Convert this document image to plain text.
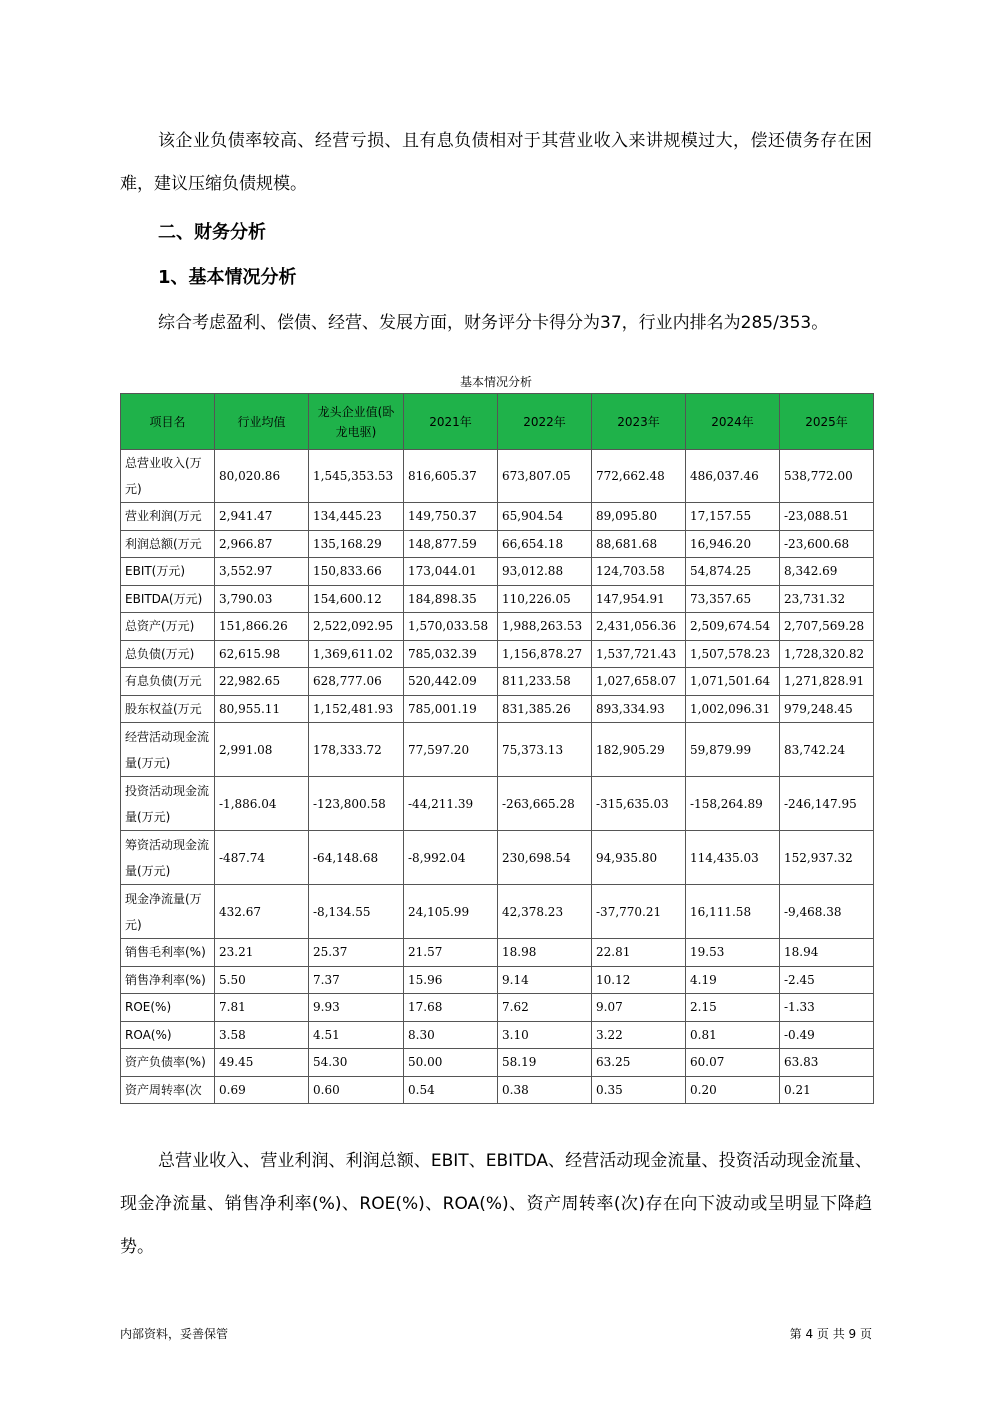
该企业负债率较高、经营亏损、且有息负债相对于其营业收入来讲规模过大，偿还债务存在困难，建议压缩负债规模。

二、财务分析
1、基本情况分析

综合考虑盈利、偿债、经营、发展方面，财务评分卡得分为37，行业内排名为285/353。

基本情况分析
项目名	行业均值	龙头企业值(卧龙电驱)	2021年	2022年	2023年	2024年	2025年
总营业收入(万元)	80,020.86	1,545,353.53	816,605.37	673,807.05	772,662.48	486,037.46	538,772.00
营业利润(万元	2,941.47	134,445.23	149,750.37	65,904.54	89,095.80	17,157.55	-23,088.51
利润总额(万元	2,966.87	135,168.29	148,877.59	66,654.18	88,681.68	16,946.20	-23,600.68
EBIT(万元)	3,552.97	150,833.66	173,044.01	93,012.88	124,703.58	54,874.25	8,342.69
EBITDA(万元)	3,790.03	154,600.12	184,898.35	110,226.05	147,954.91	73,357.65	23,731.32
总资产(万元)	151,866.26	2,522,092.95	1,570,033.58	1,988,263.53	2,431,056.36	2,509,674.54	2,707,569.28
总负债(万元)	62,615.98	1,369,611.02	785,032.39	1,156,878.27	1,537,721.43	1,507,578.23	1,728,320.82
有息负债(万元	22,982.65	628,777.06	520,442.09	811,233.58	1,027,658.07	1,071,501.64	1,271,828.91
股东权益(万元	80,955.11	1,152,481.93	785,001.19	831,385.26	893,334.93	1,002,096.31	979,248.45
经营活动现金流量(万元)	2,991.08	178,333.72	77,597.20	75,373.13	182,905.29	59,879.99	83,742.24
投资活动现金流量(万元)	-1,886.04	-123,800.58	-44,211.39	-263,665.28	-315,635.03	-158,264.89	-246,147.95
筹资活动现金流量(万元)	-487.74	-64,148.68	-8,992.04	230,698.54	94,935.80	114,435.03	152,937.32
现金净流量(万元)	432.67	-8,134.55	24,105.99	42,378.23	-37,770.21	16,111.58	-9,468.38
销售毛利率(%)	23.21	25.37	21.57	18.98	22.81	19.53	18.94
销售净利率(%)	5.50	7.37	15.96	9.14	10.12	4.19	-2.45
ROE(%)	7.81	9.93	17.68	7.62	9.07	2.15	-1.33
ROA(%)	3.58	4.51	8.30	3.10	3.22	0.81	-0.49
资产负债率(%)	49.45	54.30	50.00	58.19	63.25	60.07	63.83
资产周转率(次	0.69	0.60	0.54	0.38	0.35	0.20	0.21

总营业收入、营业利润、利润总额、EBIT、EBITDA、经营活动现金流量、投资活动现金流量、现金净流量、销售净利率(%)、ROE(%)、ROA(%)、资产周转率(次)存在向下波动或呈明显下降趋势。

内部资料，妥善保管	第 4 页 共 9 页
